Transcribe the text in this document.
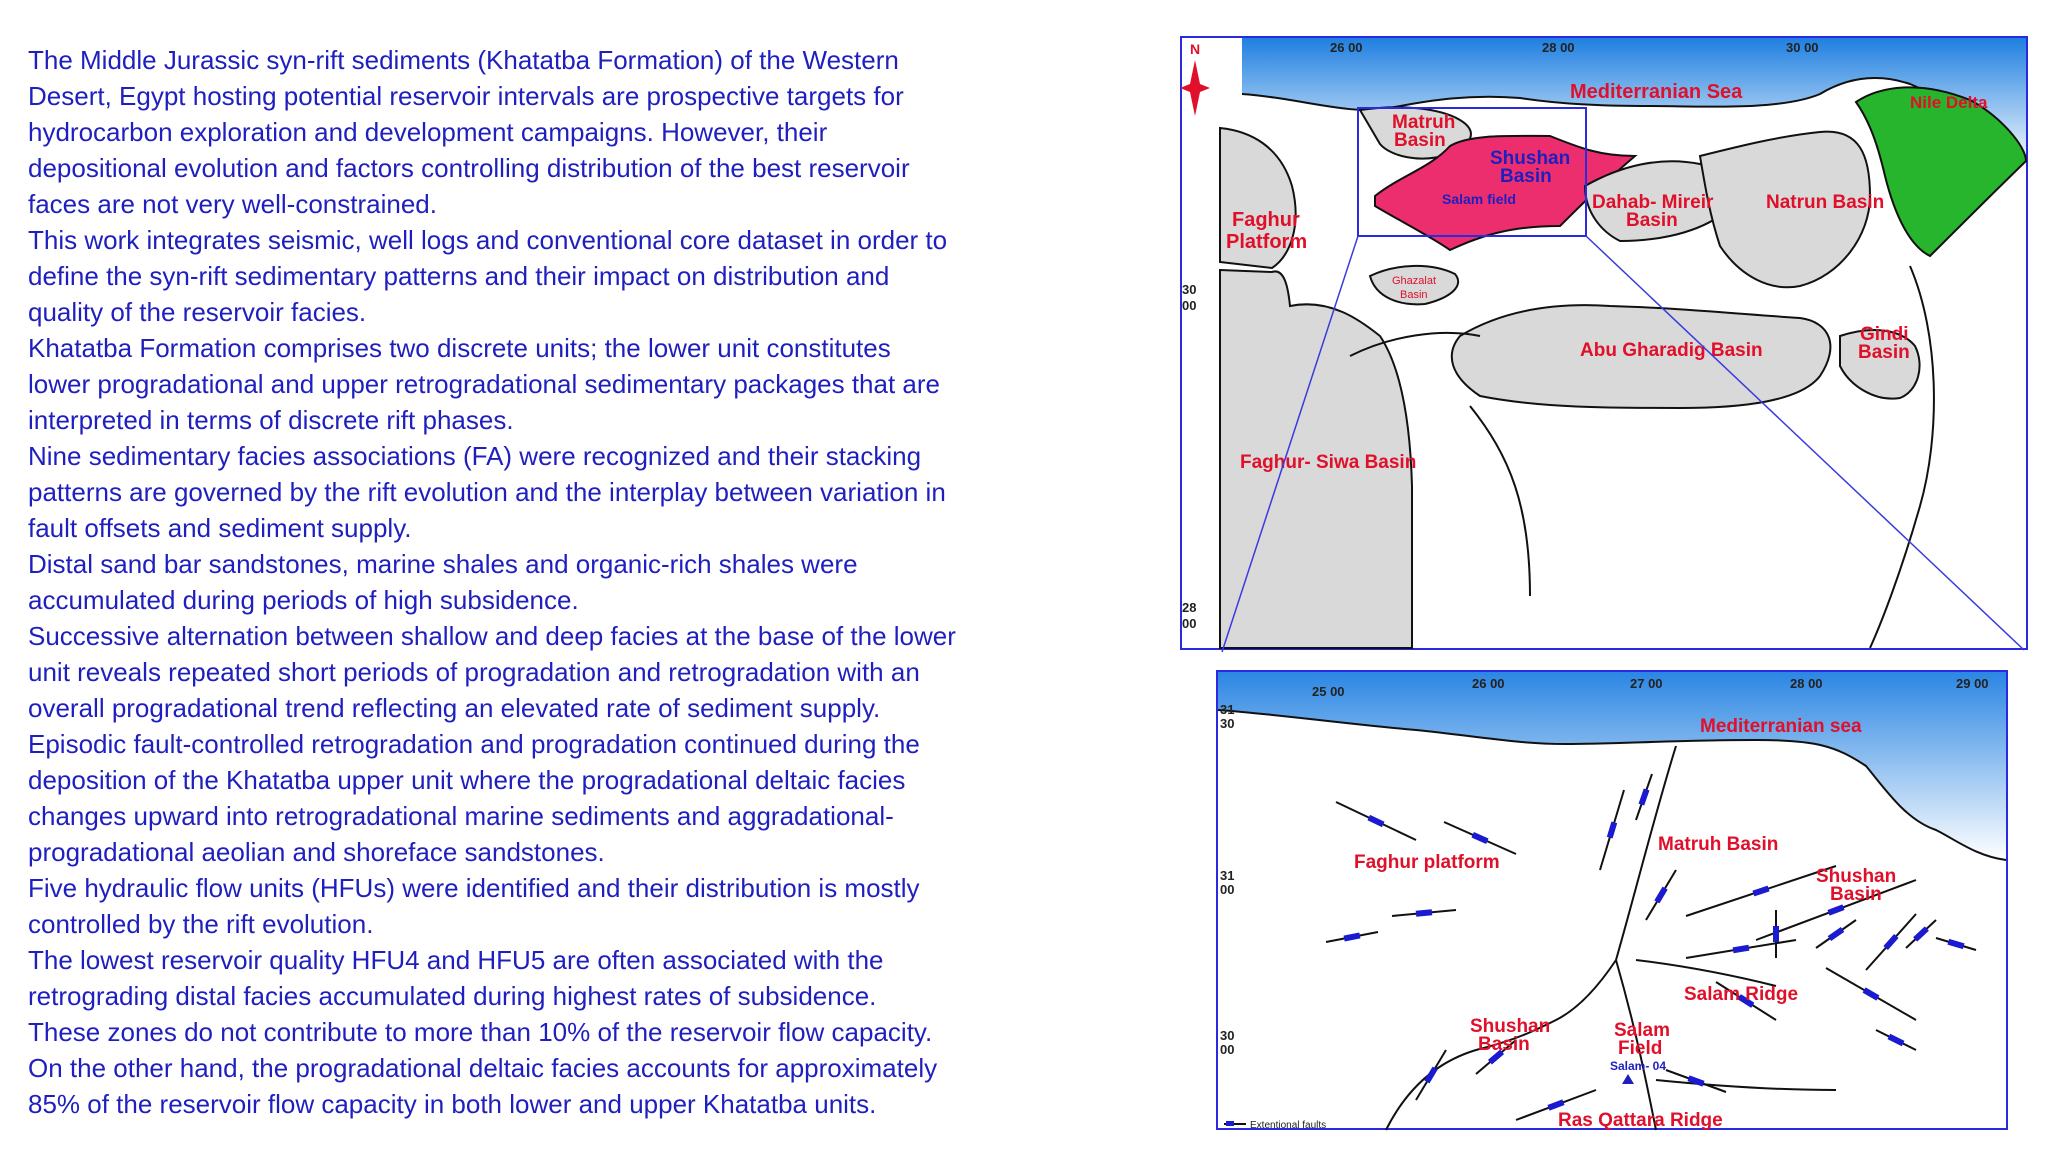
The Middle Jurassic syn-rift sediments (Khatatba Formation) of the Western

Desert, Egypt hosting potential reservoir intervals are prospective targets for

hydrocarbon exploration and development campaigns. However, their

depositional evolution and factors controlling distribution of the best reservoir

faces are not very well-constrained.

This work integrates seismic, well logs and conventional core dataset in order to

define the syn-rift sedimentary patterns and their impact on distribution and

quality of the reservoir facies.

Khatatba Formation comprises two discrete units; the lower unit constitutes

lower progradational and upper retrogradational sedimentary packages that are

interpreted in terms of discrete rift phases.

Nine sedimentary facies associations (FA) were recognized and their stacking

patterns are governed by the rift evolution and the interplay between variation in

fault offsets and sediment supply.

Distal sand bar sandstones, marine shales and organic-rich shales were

accumulated during periods of high subsidence.

Successive alternation between shallow and deep facies at the base of the lower

unit reveals repeated short periods of progradation and retrogradation with an

overall progradational trend reflecting an elevated rate of sediment supply.

Episodic fault-controlled retrogradation and progradation continued during the

deposition of the Khatatba upper unit where the progradational deltaic facies

changes upward into retrogradational marine sediments and aggradational-

progradational aeolian and shoreface sandstones.

Five hydraulic flow units (HFUs) were identified and their distribution is mostly

controlled by the rift evolution.

The lowest reservoir quality HFU4 and HFU5 are often associated with the

retrograding distal facies accumulated during highest rates of subsidence.

These zones do not contribute to more than 10% of the reservoir flow capacity.

On the other hand, the progradational deltaic facies accounts for approximately

85% of the reservoir flow capacity in both lower and upper Khatatba units.

N	26 00	28 00	30 00
30
00
28
00
Mediterranian Sea	Nile Delta
Matruh
Basin
Shushan
Basin
Salam field
Faghur
Platform
Dahab- Mireir
Basin
Natrun Basin
Ghazalat
Basin
Abu Gharadig Basin
Gindi
Basin
Faghur- Siwa Basin
25 00
26 00	27 00	28 00	29 00
31
30
31
00
30
00
Mediterranian sea
Faghur platform
Matruh Basin
Shushan
Basin
Salam Ridge
Shushan
Basin
Salam
Field
Salam- 04
Ras Qattara Ridge
Extentional faults
